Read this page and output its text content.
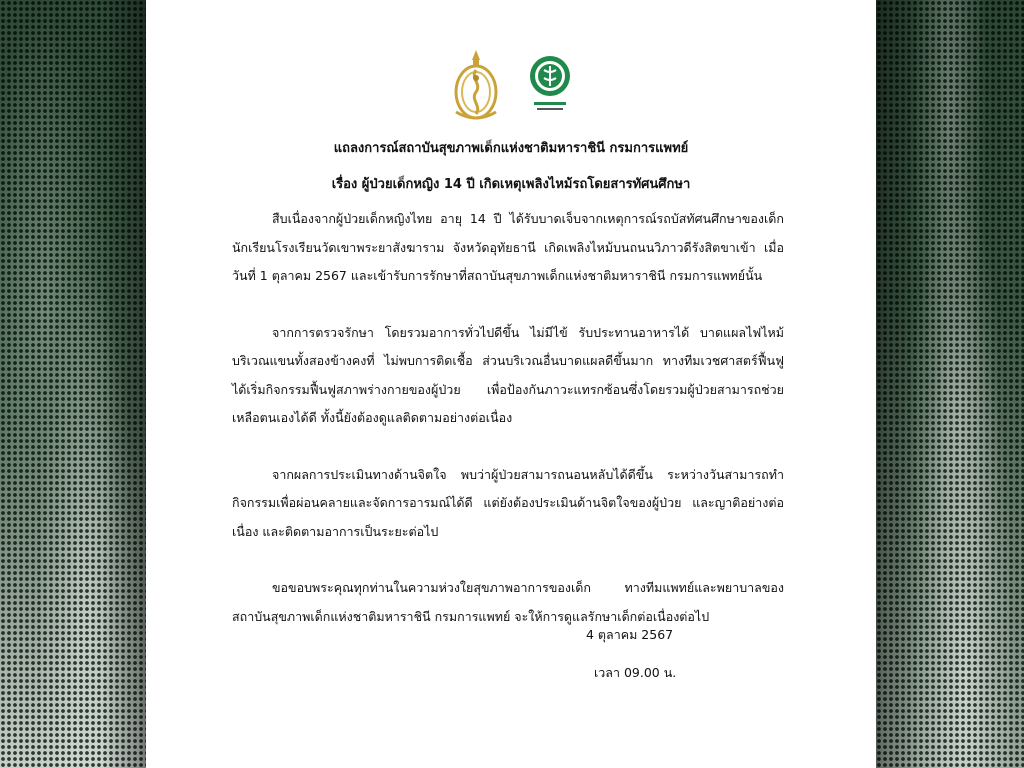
แถลงการณ์สถาบันสุขภาพเด็กแห่งชาติมหาราชินี กรมการแพทย์
เรื่อง ผู้ป่วยเด็กหญิง 14 ปี เกิดเหตุเพลิงไหม้รถโดยสารทัศนศึกษา

สืบเนื่องจากผู้ป่วยเด็กหญิงไทย อายุ 14 ปี ได้รับบาดเจ็บจากเหตุการณ์รถบัสทัศนศึกษาของเด็กนักเรียนโรงเรียนวัดเขาพระยาสังฆาราม จังหวัดอุทัยธานี เกิดเพลิงไหม้บนถนนวิภาวดีรังสิตขาเข้า เมื่อวันที่ 1 ตุลาคม 2567 และเข้ารับการรักษาที่สถาบันสุขภาพเด็กแห่งชาติมหาราชินี กรมการแพทย์นั้น

จากการตรวจรักษา โดยรวมอาการทั่วไปดีขึ้น ไม่มีไข้ รับประทานอาหารได้ บาดแผลไฟไหม้บริเวณแขนทั้งสองข้างคงที่ ไม่พบการติดเชื้อ ส่วนบริเวณอื่นบาดแผลดีขึ้นมาก ทางทีมเวชศาสตร์ฟื้นฟู ได้เริ่มกิจกรรมฟื้นฟูสภาพร่างกายของผู้ป่วย เพื่อป้องกันภาวะแทรกซ้อนซึ่งโดยรวมผู้ป่วยสามารถช่วยเหลือตนเองได้ดี ทั้งนี้ยังต้องดูแลติดตามอย่างต่อเนื่อง

จากผลการประเมินทางด้านจิตใจ พบว่าผู้ป่วยสามารถนอนหลับได้ดีขึ้น ระหว่างวันสามารถทำกิจกรรมเพื่อผ่อนคลายและจัดการอารมณ์ได้ดี แต่ยังต้องประเมินด้านจิตใจของผู้ป่วย และญาติอย่างต่อเนื่อง และติดตามอาการเป็นระยะต่อไป

ขอขอบพระคุณทุกท่านในความห่วงใยสุขภาพอาการของเด็ก ทางทีมแพทย์และพยาบาลของสถาบันสุขภาพเด็กแห่งชาติมหาราชินี กรมการแพทย์ จะให้การดูแลรักษาเด็กต่อเนื่องต่อไป

4 ตุลาคม 2567
เวลา 09.00 น.
